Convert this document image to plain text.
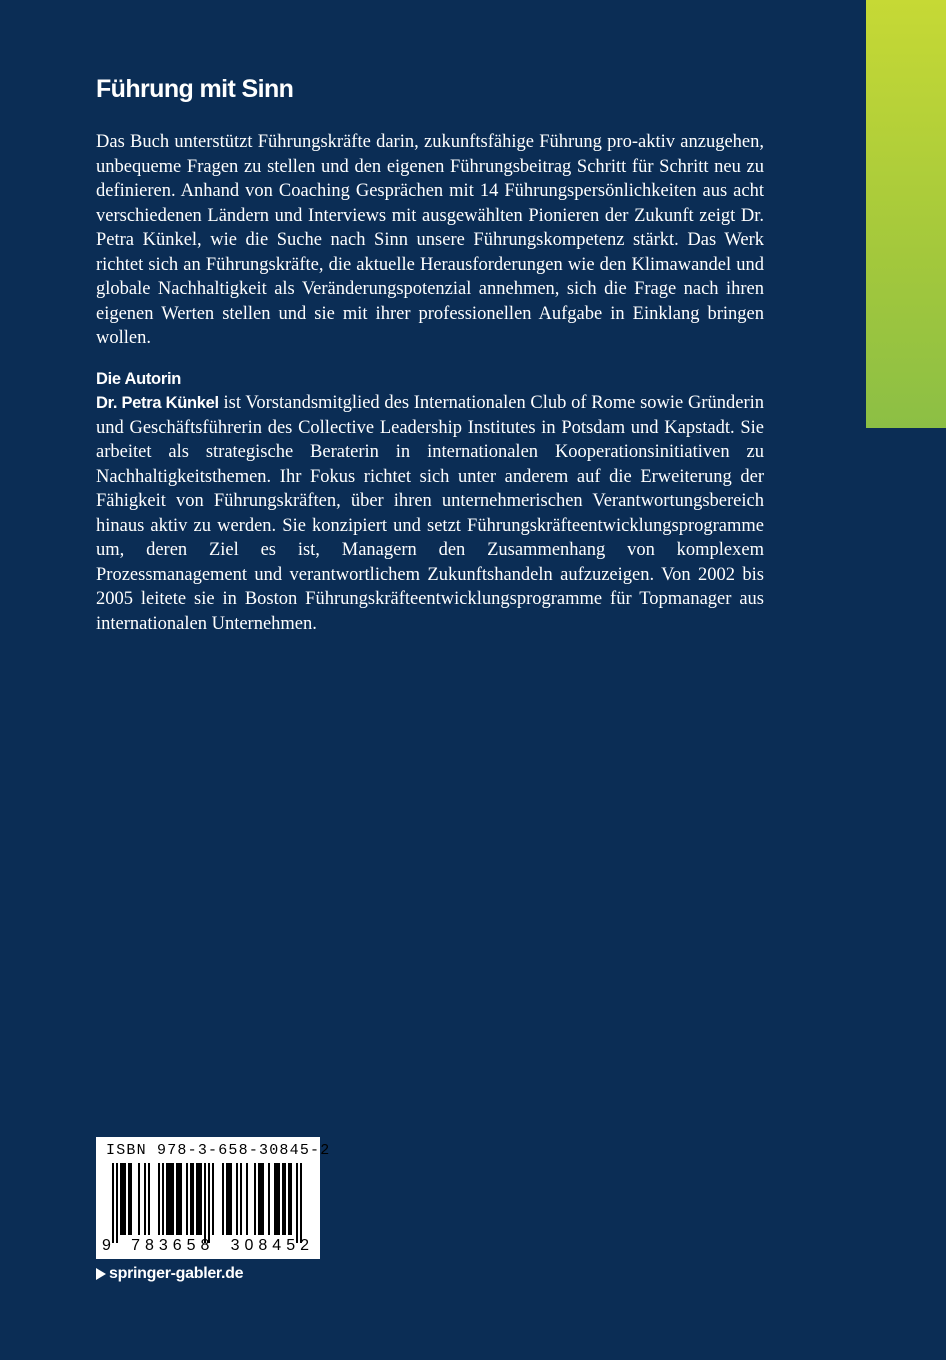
Führung mit Sinn

Das Buch unterstützt Führungskräfte darin, zukunftsfähige Führung pro-aktiv anzugehen, unbequeme Fragen zu stellen und den eigenen Führungsbeitrag Schritt für Schritt neu zu definieren. Anhand von Coaching Gesprächen mit 14 Führungspersönlichkeiten aus acht verschiedenen Ländern und Interviews mit ausgewählten Pionieren der Zukunft zeigt Dr. Petra Künkel, wie die Suche nach Sinn unsere Führungskompetenz stärkt. Das Werk richtet sich an Führungskräfte, die aktuelle Herausforderungen wie den Klimawandel und globale Nachhaltigkeit als Veränderungspotenzial annehmen, sich die Frage nach ihren eigenen Werten stellen und sie mit ihrer professionellen Aufgabe in Einklang bringen wollen.

Die Autorin

Dr. Petra Künkel ist Vorstandsmitglied des Internationalen Club of Rome sowie Gründerin und Geschäftsführerin des Collective Leadership Institutes in Potsdam und Kapstadt. Sie arbeitet als strategische Beraterin in internationalen Kooperationsinitiativen zu Nachhaltigkeitsthemen. Ihr Fokus richtet sich unter anderem auf die Erweiterung der Fähigkeit von Führungskräften, über ihren unternehmerischen Verantwortungsbereich hinaus aktiv zu werden. Sie konzipiert und setzt Führungskräfteentwicklungsprogramme um, deren Ziel es ist, Managern den Zusammenhang von komplexem Prozessmanagement und verantwortlichem Zukunftshandeln aufzuzeigen. Von 2002 bis 2005 leitete sie in Boston Führungskräfteentwicklungsprogramme für Topmanager aus internationalen Unternehmen.

ISBN 978-3-658-30845-2
9 783658 308452
springer-gabler.de
